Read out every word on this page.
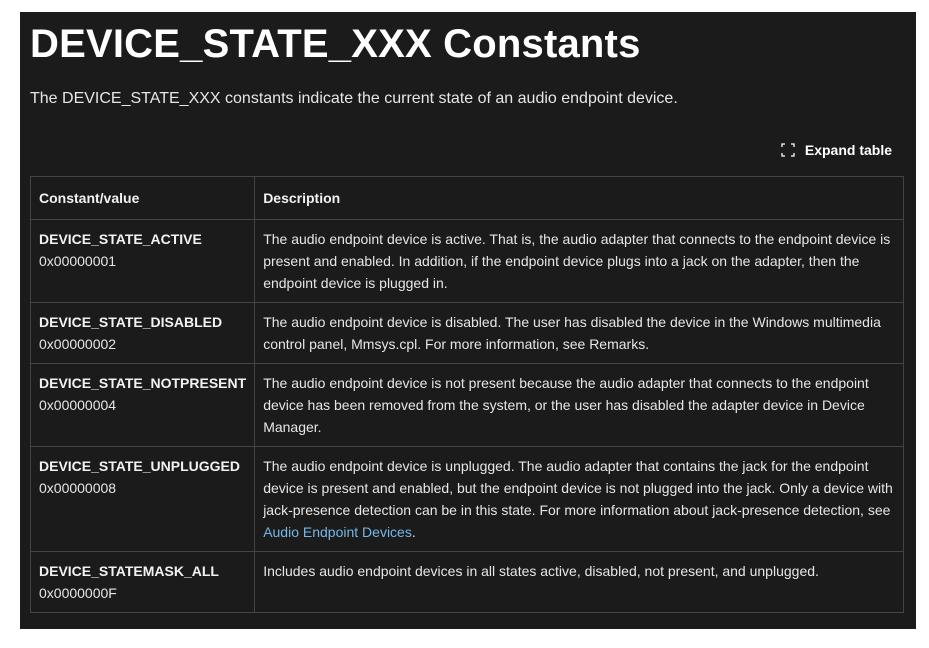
DEVICE_STATE_XXX Constants

The DEVICE_STATE_XXX constants indicate the current state of an audio endpoint device.

Expand table
Constant/value	Description

DEVICE_STATE_ACTIVE
0x00000001	The audio endpoint device is active. That is, the audio adapter that connects to the endpoint device is present and enabled. In addition, if the endpoint device plugs into a jack on the adapter, then the endpoint device is plugged in.

DEVICE_STATE_DISABLED
0x00000002	The audio endpoint device is disabled. The user has disabled the device in the Windows multimedia control panel, Mmsys.cpl. For more information, see Remarks.

DEVICE_STATE_NOTPRESENT
0x00000004	The audio endpoint device is not present because the audio adapter that connects to the endpoint device has been removed from the system, or the user has disabled the adapter device in Device Manager.

DEVICE_STATE_UNPLUGGED
0x00000008	The audio endpoint device is unplugged. The audio adapter that contains the jack for the endpoint device is present and enabled, but the endpoint device is not plugged into the jack. Only a device with jack-presence detection can be in this state. For more information about jack-presence detection, see Audio Endpoint Devices.

DEVICE_STATEMASK_ALL
0x0000000F	Includes audio endpoint devices in all states active, disabled, not present, and unplugged.
